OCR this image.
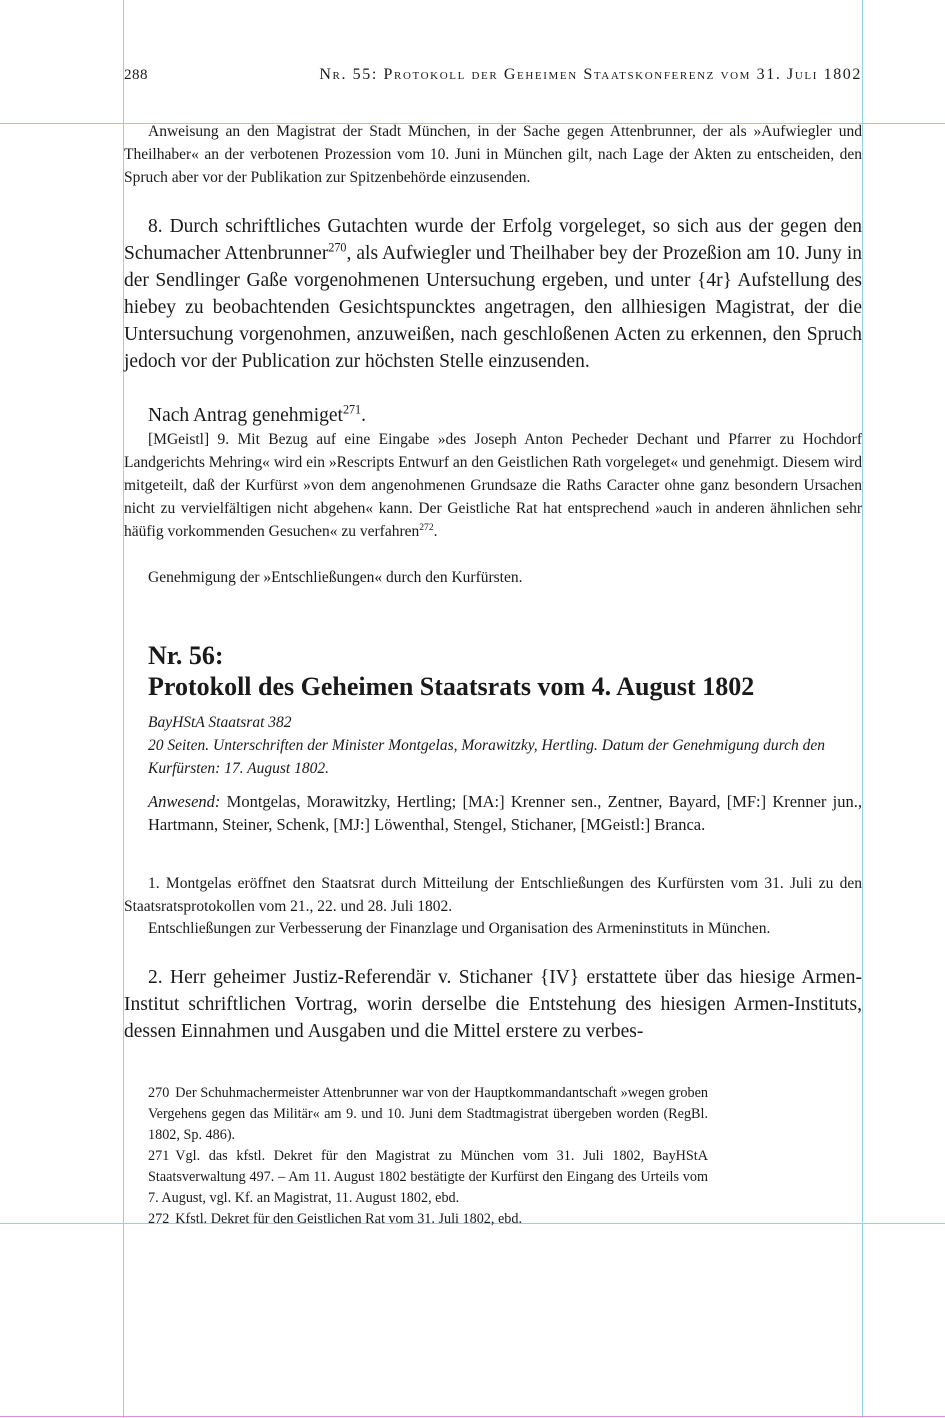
288	Nr. 55: Protokoll der Geheimen Staatskonferenz vom 31. Juli 1802

Anweisung an den Magistrat der Stadt München, in der Sache gegen Attenbrunner, der als »Aufwiegler und Theilhaber« an der verbotenen Prozession vom 10. Juni in München gilt, nach Lage der Akten zu entscheiden, den Spruch aber vor der Publikation zur Spitzenbehörde einzusenden.

8. Durch schriftliches Gutachten wurde der Erfolg vorgeleget, so sich aus der gegen den Schumacher Attenbrunner$^{270}$, als Aufwiegler und Theilhaber bey der Prozeßion am 10. Juny in der Sendlinger Gaße vorgenohmenen Untersuchung ergeben, und unter {4r} Aufstellung des hiebey zu beobachtenden Gesichtspuncktes angetragen, den allhiesigen Magistrat, der die Untersuchung vorgenohmen, anzuweißen, nach geschloßenen Acten zu erkennen, den Spruch jedoch vor der Publication zur höchsten Stelle einzusenden.

Nach Antrag genehmiget$^{271}$.

[MGeistl] 9. Mit Bezug auf eine Eingabe »des Joseph Anton Pecheder Dechant und Pfarrer zu Hochdorf Landgerichts Mehring« wird ein »Rescripts Entwurf an den Geistlichen Rath vorgeleget« und genehmigt. Diesem wird mitgeteilt, daß der Kurfürst »von dem angenohmenen Grundsaze die Raths Caracter ohne ganz besondern Ursachen nicht zu vervielfältigen nicht abgehen« kann. Der Geistliche Rat hat entsprechend »auch in anderen ähnlichen sehr häüfig vorkommenden Gesuchen« zu verfahren$^{272}$.

Genehmigung der »Entschließungen« durch den Kurfürsten.

Nr. 56:
Protokoll des Geheimen Staatsrats vom 4. August 1802
BayHStA Staatsrat 382
20 Seiten. Unterschriften der Minister Montgelas, Morawitzky, Hertling. Datum der Genehmigung durch den Kurfürsten: 17. August 1802.

Anwesend: Montgelas, Morawitzky, Hertling; [MA:] Krenner sen., Zentner, Bayard, [MF:] Krenner jun., Hartmann, Steiner, Schenk, [MJ:] Löwenthal, Stengel, Stichaner, [MGeistl:] Branca.

1. Montgelas eröffnet den Staatsrat durch Mitteilung der Entschließungen des Kurfürsten vom 31. Juli zu den Staatsratsprotokollen vom 21., 22. und 28. Juli 1802.

Entschließungen zur Verbesserung der Finanzlage und Organisation des Armeninstituts in München.

2. Herr geheimer Justiz-Referendär v. Stichaner {IV} erstattete über das hiesige Armen-Institut schriftlichen Vortrag, worin derselbe die Entstehung des hiesigen Armen-Instituts, dessen Einnahmen und Ausgaben und die Mittel erstere zu verbes-

270 Der Schuhmachermeister Attenbrunner war von der Hauptkommandantschaft »wegen groben Vergehens gegen das Militär« am 9. und 10. Juni dem Stadtmagistrat übergeben worden (RegBl. 1802, Sp. 486).

271 Vgl. das kfstl. Dekret für den Magistrat zu München vom 31. Juli 1802, BayHStA Staatsverwaltung 497. – Am 11. August 1802 bestätigte der Kurfürst den Eingang des Urteils vom 7. August, vgl. Kf. an Magistrat, 11. August 1802, ebd.

272 Kfstl. Dekret für den Geistlichen Rat vom 31. Juli 1802, ebd.
